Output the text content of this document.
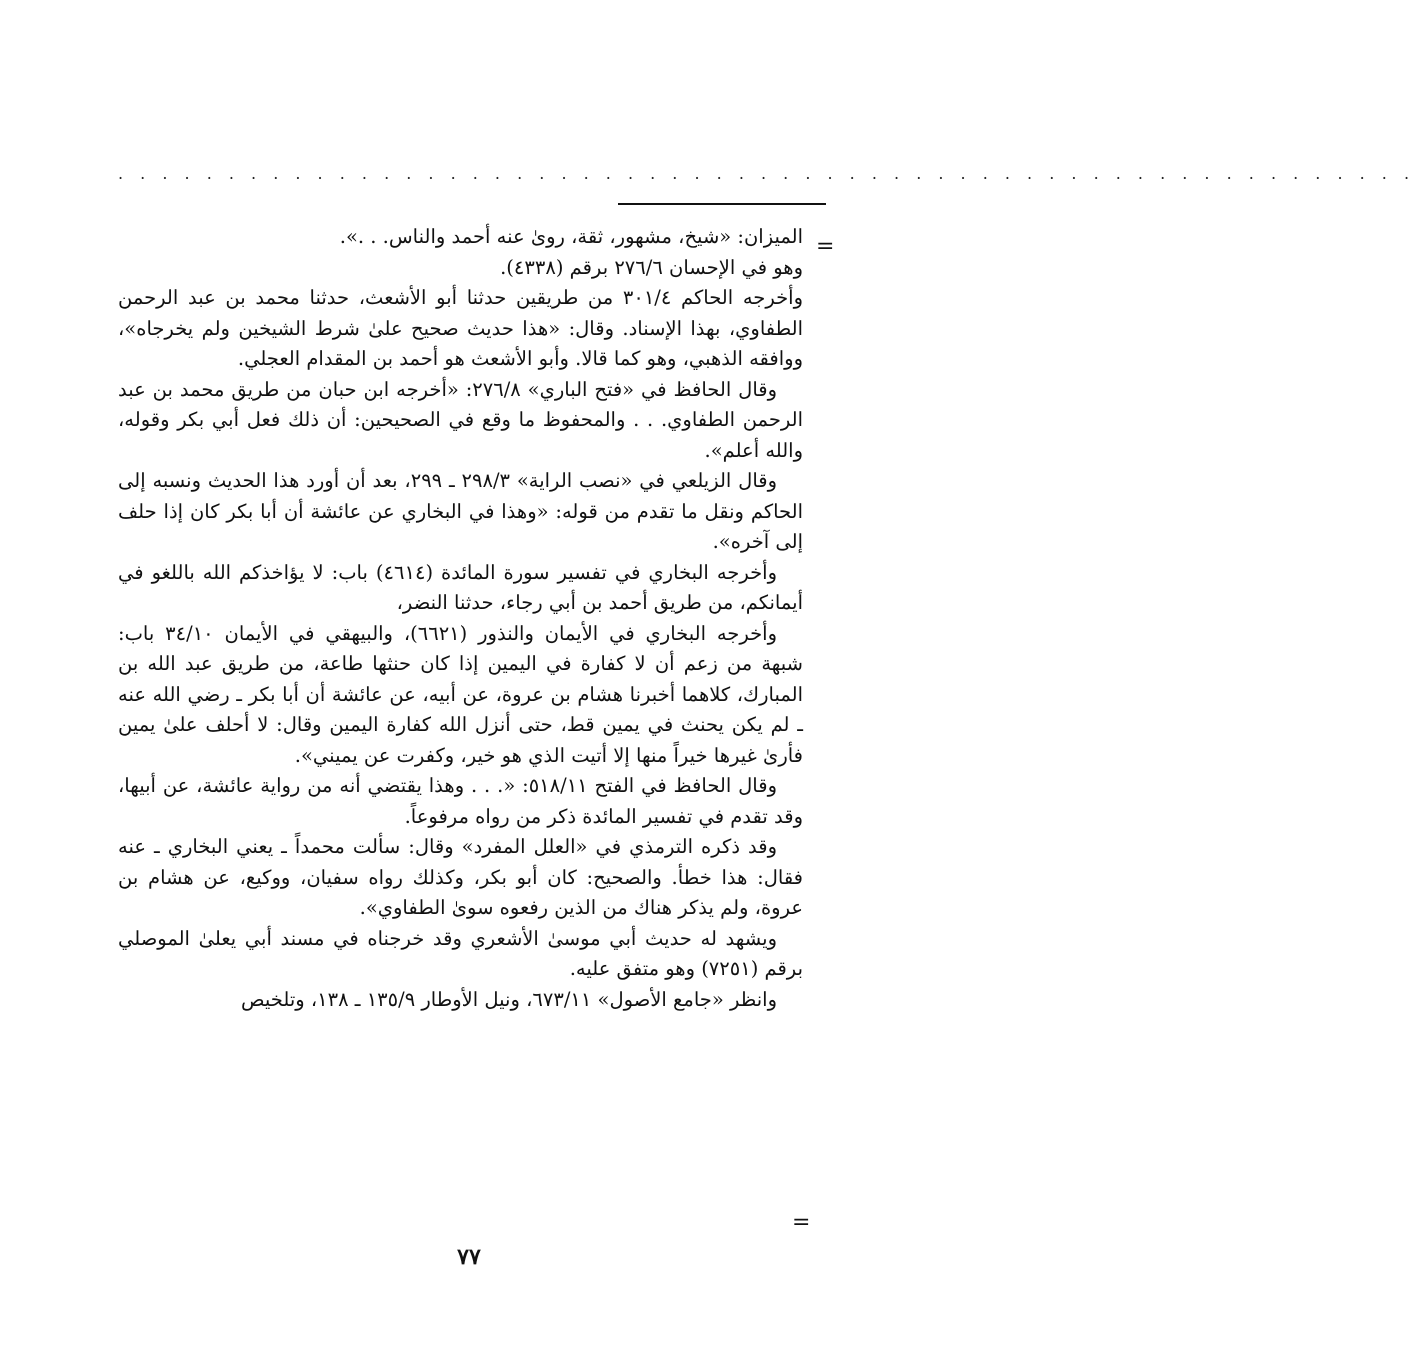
. . . . . . . . . . . . . . . . . . . . . . . . . . . . . . . . . . . . . . . . . . . . . . . . . . . . . . . . . . .
=

الميزان: «شيخ، مشهور، ثقة، روىٰ عنه أحمد والناس. . .».

وهو في الإحسان ٢٧٦/٦ برقم (٤٣٣٨).

وأخرجه الحاكم ٣٠١/٤ من طريقين حدثنا أبو الأشعث، حدثنا محمد بن عبد الرحمن الطفاوي، بهذا الإسناد. وقال: «هذا حديث صحيح علىٰ شرط الشيخين ولم يخرجاه»، ووافقه الذهبي، وهو كما قالا. وأبو الأشعث هو أحمد بن المقدام العجلي.

وقال الحافظ في «فتح الباري» ٢٧٦/٨: «أخرجه ابن حبان من طريق محمد بن عبد الرحمن الطفاوي. . . والمحفوظ ما وقع في الصحيحين: أن ذلك فعل أبي بكر وقوله، والله أعلم».

وقال الزيلعي في «نصب الراية» ٢٩٨/٣ ـ ٢٩٩، بعد أن أورد هذا الحديث ونسبه إلى الحاكم ونقل ما تقدم من قوله: «وهذا في البخاري عن عائشة أن أبا بكر كان إذا حلف إلى آخره».

وأخرجه البخاري في تفسير سورة المائدة (٤٦١٤) باب: لا يؤاخذكم الله باللغو في أيمانكم، من طريق أحمد بن أبي رجاء، حدثنا النضر،

وأخرجه البخاري في الأيمان والنذور (٦٦٢١)، والبيهقي في الأيمان ٣٤/١٠ باب: شبهة من زعم أن لا كفارة في اليمين إذا كان حنثها طاعة، من طريق عبد الله بن المبارك، كلاهما أخبرنا هشام بن عروة، عن أبيه، عن عائشة أن أبا بكر ـ رضي الله عنه ـ لم يكن يحنث في يمين قط، حتى أنزل الله كفارة اليمين وقال: لا أحلف علىٰ يمين فأرىٰ غيرها خيراً منها إلا أتيت الذي هو خير، وكفرت عن يميني».

وقال الحافظ في الفتح ٥١٨/١١: «. . . وهذا يقتضي أنه من رواية عائشة، عن أبيها، وقد تقدم في تفسير المائدة ذكر من رواه مرفوعاً.

وقد ذكره الترمذي في «العلل المفرد» وقال: سألت محمداً ـ يعني البخاري ـ عنه فقال: هذا خطأ. والصحيح: كان أبو بكر، وكذلك رواه سفيان، ووكيع، عن هشام بن عروة، ولم يذكر هناك من الذين رفعوه سوىٰ الطفاوي».

ويشهد له حديث أبي موسىٰ الأشعري وقد خرجناه في مسند أبي يعلىٰ الموصلي برقم (٧٢٥١) وهو متفق عليه.

وانظر «جامع الأصول» ٦٧٣/١١، ونيل الأوطار ١٣٥/٩ ـ ١٣٨، وتلخيص

=
٧٧
